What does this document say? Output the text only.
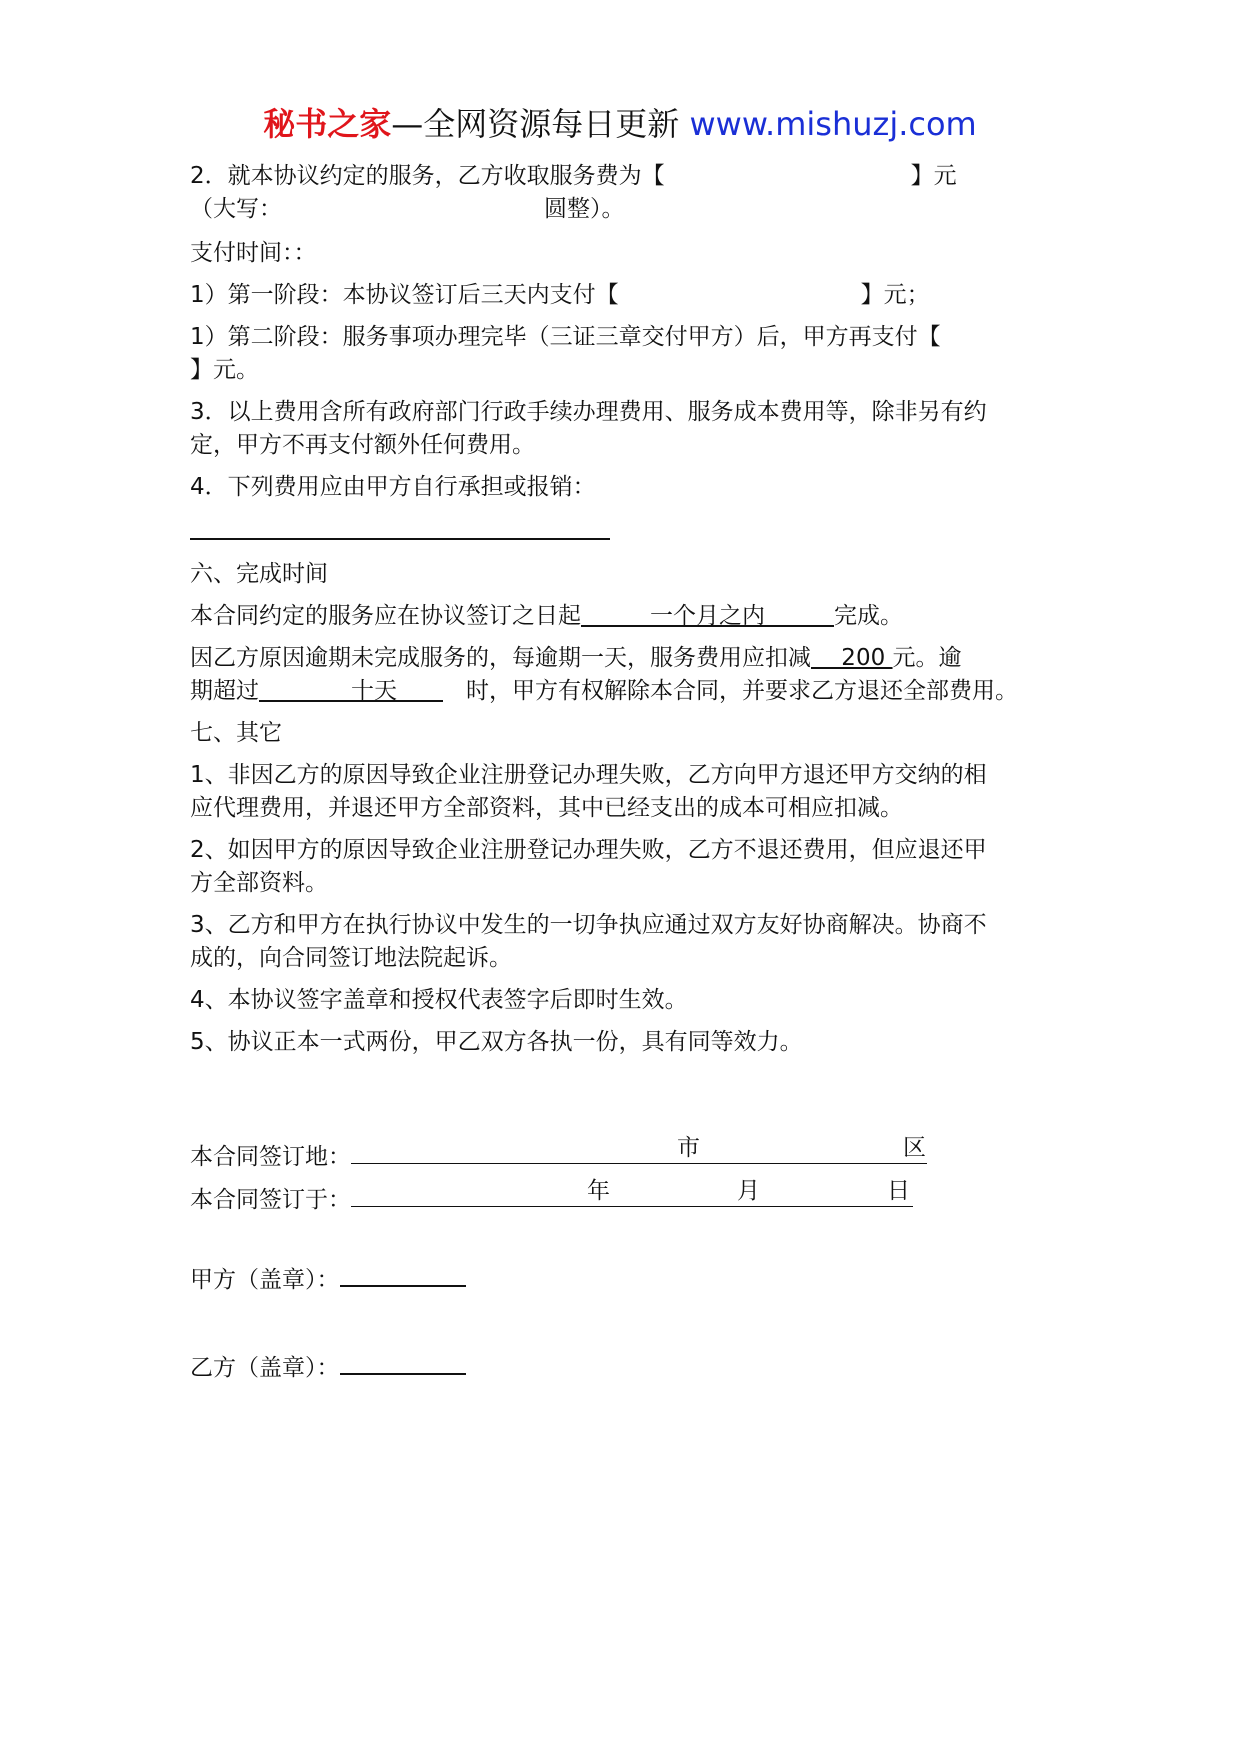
秘书之家—全网资源每日更新 www.mishuzj.com

2．就本协议约定的服务，乙方收取服务费为【	】元

（大写：	圆整）。

支付时间：：

1）第一阶段：本协议签订后三天内支付【	】元；

1）第二阶段：服务事项办理完毕（三证三章交付甲方）后，甲方再支付【

】元。

3．以上费用含所有政府部门行政手续办理费用、服务成本费用等，除非另有约

定，甲方不再支付额外任何费用。

4．下列费用应由甲方自行承担或报销：

六、完成时间

本合同约定的服务应在协议签订之日起　　　一个月之内　　　完成。

因乙方原因逾期未完成服务的，每逾期一天，服务费用应扣减　 200 元。逾

期超过　　　　十天　　　时，甲方有权解除本合同，并要求乙方退还全部费用。

七、其它

1、非因乙方的原因导致企业注册登记办理失败，乙方向甲方退还甲方交纳的相

应代理费用，并退还甲方全部资料，其中已经支出的成本可相应扣减。

2、如因甲方的原因导致企业注册登记办理失败，乙方不退还费用，但应退还甲

方全部资料。

3、乙方和甲方在执行协议中发生的一切争执应通过双方友好协商解决。协商不

成的，向合同签订地法院起诉。

4、本协议签字盖章和授权代表签字后即时生效。

5、协议正本一式两份，甲乙双方各执一份，具有同等效力。

本合同签订地：	市	区

本合同签订于：	年	月	日

甲方（盖章）：

乙方（盖章）：
